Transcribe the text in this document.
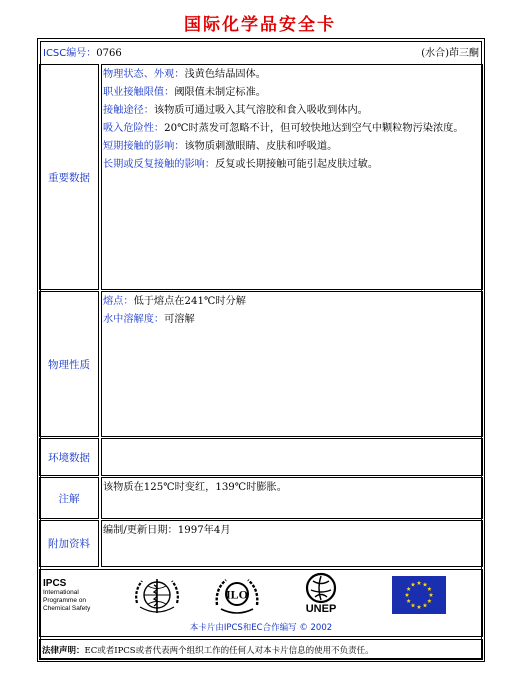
国际化学品安全卡
ICSC编号：0766	(水合)茚三酮
重要数据
物理状态、外观：浅黄色结晶固体。
职业接触限值：阈限值未制定标准。
接触途径：该物质可通过吸入其气溶胶和食入吸收到体内。
吸入危险性：20℃时蒸发可忽略不计，但可较快地达到空气中颗粒物污染浓度。
短期接触的影响：该物质刺激眼睛、皮肤和呼吸道。
长期或反复接触的影响：反复或长期接触可能引起皮肤过敏。
物理性质
熔点：低于熔点在241℃时分解
水中溶解度：可溶解
环境数据
注解
该物质在125℃时变红，139℃时膨胀。
附加资料
编制/更新日期：1997年4月
IPCS
International
Programme on
Chemical Safety
ILO
UNEP
本卡片由IPCS和EC合作编写 © 2002
法律声明：EC或者IPCS或者代表两个组织工作的任何人对本卡片信息的使用不负责任。
